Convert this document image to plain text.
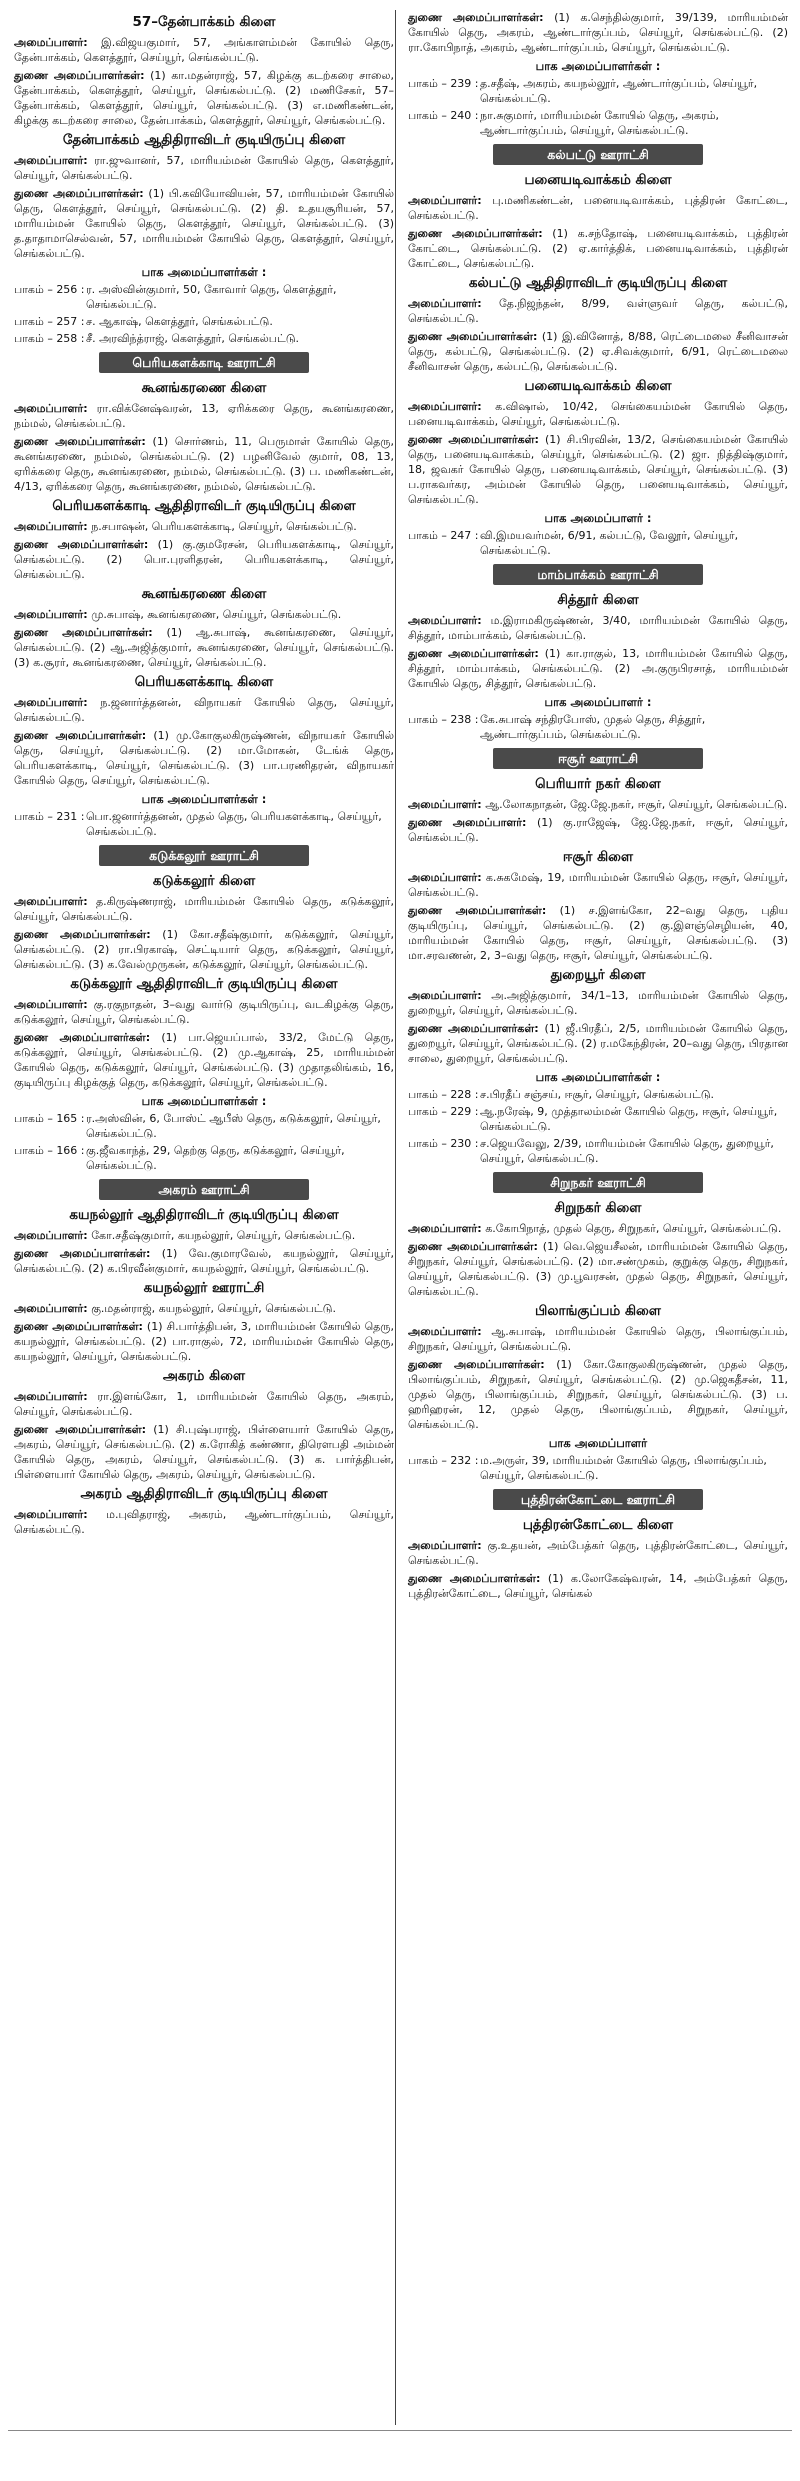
57–தேன்பாக்கம் கிளை
அமைப்பாளர்: இ.விஜயகுமார், 57, அங்காளம்மன் கோயில் தெரு, தேன்பாக்கம், கௌத்தூர், செய்யூர், செங்கல்பட்டு.
துணை அமைப்பாளர்கள்: (1) கா.மதன்ராஜ், 57, கிழக்கு கடற்கரை சாலை, தேன்பாக்கம், கௌத்தூர், செய்யூர், செங்கல்பட்டு. (2) மணிசேகர், 57–தேன்பாக்கம், கௌத்தூர், செய்யூர், செங்கல்பட்டு. (3) எ.மணிகண்டன், கிழக்கு கடற்கரை சாலை, தேன்பாக்கம், கௌத்தூர், செய்யூர், செங்கல்பட்டு.
தேன்பாக்கம் ஆதிதிராவிடர் குடியிருப்பு கிளை
அமைப்பாளர்: ரா.ஜுவானர், 57, மாரியம்மன் கோயில் தெரு, கௌத்தூர், செய்யூர், செங்கல்பட்டு.
துணை அமைப்பாளர்கள்: (1) பி.கவியோவியன், 57, மாரியம்மன் கோயில் தெரு, கௌத்தூர், செய்யூர், செங்கல்பட்டு. (2) தி. உதயசூரியன், 57, மாரியம்மன் கோயில் தெரு, கௌத்தூர், செய்யூர், செங்கல்பட்டு. (3) த.தாதாமாசெல்வன், 57, மாரியம்மன் கோயில் தெரு, கௌத்தூர், செய்யூர், செங்கல்பட்டு.
பாக அமைப்பாளர்கள் :
பாகம் – 256 : ர. அஸ்வின்குமார், 50, கோவார் தெரு, கௌத்தூர், செங்கல்பட்டு.
பாகம் – 257 : ச. ஆகாஷ், கௌத்தூர், செங்கல்பட்டு.
பாகம் – 258 : சீ. அரவிந்த்ராஜ், கௌத்தூர், செங்கல்பட்டு.
பெரியகளக்காடி ஊராட்சி
கூனங்கரணை கிளை
அமைப்பாளர்: ரா.விக்னேஷ்வரன், 13, ஏரிக்கரை தெரு, கூனங்கரணை, நம்மல், செங்கல்பட்டு.
துணை அமைப்பாளர்கள்: (1) சொர்ணம், 11, பெருமாள் கோயில் தெரு, கூனங்கரணை, நம்மல், செங்கல்பட்டு. (2) பழனிவேல் குமார், 08, 13, ஏரிக்கரை தெரு, கூனங்கரணை, நம்மல், செங்கல்பட்டு. (3) ப. மணிகண்டன், 4/13, ஏரிக்கரை தெரு, கூனங்கரணை, நம்மல், செங்கல்பட்டு.
பெரியகளக்காடி ஆதிதிராவிடர் குடியிருப்பு கிளை
அமைப்பாளர்: ந.சபாஷன், பெரியகளக்காடி, செய்யூர், செங்கல்பட்டு.
துணை அமைப்பாளர்கள்: (1) கு.குமரேசன், பெரியகளக்காடி, செய்யூர், செங்கல்பட்டு. (2) பொ.புரளிதரன், பெரியகளக்காடி, செய்யூர், செங்கல்பட்டு.
கூனங்கரணை கிளை
அமைப்பாளர்: மு.சுபாஷ், கூனங்கரணை, செய்யூர், செங்கல்பட்டு.
துணை அமைப்பாளர்கள்: (1) ஆ.சுபாஷ், கூனங்கரணை, செய்யூர், செங்கல்பட்டு. (2) ஆ.அஜித்குமார், கூனங்கரணை, செய்யூர், செங்கல்பட்டு. (3) க.சூரர், கூனங்கரணை, செய்யூர், செங்கல்பட்டு.
பெரியகளக்காடி கிளை
அமைப்பாளர்: ந.ஜனார்த்தனன், விநாயகர் கோயில் தெரு, செய்யூர், செங்கல்பட்டு.
துணை அமைப்பாளர்கள்: (1) மு.கோகுலகிருஷ்ணன், விநாயகர் கோயில் தெரு, செய்யூர், செங்கல்பட்டு. (2) மா.மோகன், டேங்க் தெரு, பெரியகளக்காடி, செய்யூர், செங்கல்பட்டு. (3) பா.பரணிதரன், விநாயகர் கோயில் தெரு, செய்யூர், செங்கல்பட்டு.
பாக அமைப்பாளர்கள் :
பாகம் – 231 : பொ.ஜனார்த்தனன், முதல் தெரு, பெரியகளக்காடி, செய்யூர், செங்கல்பட்டு.
கடுக்கலூர் ஊராட்சி
கடுக்கலூர் கிளை
அமைப்பாளர்: த.கிருஷ்ணராஜ், மாரியம்மன் கோயில் தெரு, கடுக்கலூர், செய்யூர், செங்கல்பட்டு.
துணை அமைப்பாளர்கள்: (1) கோ.சதீஷ்குமார், கடுக்கலூர், செய்யூர், செங்கல்பட்டு. (2) ரா.பிரகாஷ், செட்டியார் தெரு, கடுக்கலூர், செய்யூர், செங்கல்பட்டு. (3) க.வேல்முருகன், கடுக்கலூர், செய்யூர், செங்கல்பட்டு.
கடுக்கலூர் ஆதிதிராவிடர் குடியிருப்பு கிளை
அமைப்பாளர்: கு.ரகுநாதன், 3–வது வார்டு குடியிருப்பு, வடகிழக்கு தெரு, கடுக்கலூர், செய்யூர், செங்கல்பட்டு.
துணை அமைப்பாளர்கள்: (1) பா.ஜெயப்பால், 33/2, மேட்டு தெரு, கடுக்கலூர், செய்யூர், செங்கல்பட்டு. (2) மு.ஆகாஷ், 25, மாரியம்மன் கோயில் தெரு, கடுக்கலூர், செய்யூர், செங்கல்பட்டு. (3) முதாதலிங்கம், 16, குடியிருப்பு கிழக்குத் தெரு, கடுக்கலூர், செய்யூர், செங்கல்பட்டு.
பாக அமைப்பாளர்கள் :
பாகம் – 165 : ர.அஸ்வின், 6, போஸ்ட் ஆபீஸ் தெரு, கடுக்கலூர், செய்யூர், செங்கல்பட்டு.
பாகம் – 166 : கு.ஜீவகாந்த், 29, தெற்கு தெரு, கடுக்கலூர், செய்யூர், செங்கல்பட்டு.
அகரம் ஊராட்சி
கயநல்லூர் ஆதிதிராவிடர் குடியிருப்பு கிளை
அமைப்பாளர்: கோ.சதீஷ்குமார், கயநல்லூர், செய்யூர், செங்கல்பட்டு.
துணை அமைப்பாளர்கள்: (1) வே.குமாரவேல், கயநல்லூர், செய்யூர், செங்கல்பட்டு. (2) க.பிரவீன்குமார், கயநல்லூர், செய்யூர், செங்கல்பட்டு.
கயநல்லூர் ஊராட்சி
அமைப்பாளர்: கு.மதன்ராஜ், கயநல்லூர், செய்யூர், செங்கல்பட்டு.
துணை அமைப்பாளர்கள்: (1) சி.பார்த்திபன், 3, மாரியம்மன் கோயில் தெரு, கயநல்லூர், செங்கல்பட்டு. (2) பா.ராகுல், 72, மாரியம்மன் கோயில் தெரு, கயநல்லூர், செய்யூர், செங்கல்பட்டு.
அகரம் கிளை
அமைப்பாளர்: ரா.இளங்கோ, 1, மாரியம்மன் கோயில் தெரு, அகரம், செய்யூர், செங்கல்பட்டு.
துணை அமைப்பாளர்கள்: (1) சி.புஷ்பராஜ், பிள்ளையார் கோயில் தெரு, அகரம், செய்யூர், செங்கல்பட்டு. (2) க.ரோகித் கண்ணா, திரௌபதி அம்மன் கோயில் தெரு, அகரம், செய்யூர், செங்கல்பட்டு. (3) க. பார்த்திபன், பிள்ளையார் கோயில் தெரு, அகரம், செய்யூர், செங்கல்பட்டு.
அகரம் ஆதிதிராவிடர் குடியிருப்பு கிளை
அமைப்பாளர்: ம.புவிதராஜ், அகரம், ஆண்டார்குப்பம், செய்யூர், செங்கல்பட்டு.
துணை அமைப்பாளர்கள்: (1) க.செந்தில்குமார், 39/139, மாரியம்மன் கோயில் தெரு, அகரம், ஆண்டார்குப்பம், செய்யூர், செங்கல்பட்டு. (2) ரா.கோபிநாத், அகரம், ஆண்டார்குப்பம், செய்யூர், செங்கல்பட்டு.
பாக அமைப்பாளர்கள் :
பாகம் – 239 : த.சதீஷ், அகரம், கயநல்லூர், ஆண்டார்குப்பம், செய்யூர், செங்கல்பட்டு.
பாகம் – 240 : நா.சுகுமார், மாரியம்மன் கோயில் தெரு, அகரம், ஆண்டார்குப்பம், செய்யூர், செங்கல்பட்டு.
கல்பட்டு ஊராட்சி
பனையடிவாக்கம் கிளை
அமைப்பாளர்: பு.மணிகண்டன், பனையடிவாக்கம், புத்திரன் கோட்டை, செங்கல்பட்டு.
துணை அமைப்பாளர்கள்: (1) க.சந்தோஷ், பனையடிவாக்கம், புத்திரன் கோட்டை, செங்கல்பட்டு. (2) ஏ.கார்த்திக், பனையடிவாக்கம், புத்திரன் கோட்டை, செங்கல்பட்டு.
கல்பட்டு ஆதிதிராவிடர் குடியிருப்பு கிளை
அமைப்பாளர்: தே.நிஜந்தன், 8/99, வள்ளுவர் தெரு, கல்பட்டு, செங்கல்பட்டு.
துணை அமைப்பாளர்கள்: (1) இ.வினோத், 8/88, ரெட்டைமலை சீனிவாசன் தெரு, கல்பட்டு, செங்கல்பட்டு. (2) ஏ.சிவக்குமார், 6/91, ரெட்டைமலை சீனிவாசன் தெரு, கல்பட்டு, செங்கல்பட்டு.
பனையடிவாக்கம் கிளை
அமைப்பாளர்: க.விஷால், 10/42, செங்கையம்மன் கோயில் தெரு, பனையடிவாக்கம், செய்யூர், செங்கல்பட்டு.
துணை அமைப்பாளர்கள்: (1) சி.பிரவின், 13/2, செங்கையம்மன் கோயில் தெரு, பனையடிவாக்கம், செய்யூர், செங்கல்பட்டு. (2) ஜா. நித்திஷ்குமார், 18, ஜவகர் கோயில் தெரு, பனையடிவாக்கம், செய்யூர், செங்கல்பட்டு. (3) ப.ராகவர்கர, அம்மன் கோயில் தெரு, பனையடிவாக்கம், செய்யூர், செங்கல்பட்டு.
பாக அமைப்பாளர் :
பாகம் – 247 : வி.இமயவர்மன், 6/91, கல்பட்டு, வேலூர், செய்யூர், செங்கல்பட்டு.
மாம்பாக்கம் ஊராட்சி
சித்தூர் கிளை
அமைப்பாளர்: ம.இராமகிருஷ்ணன், 3/40, மாரியம்மன் கோயில் தெரு, சித்தூர், மாம்பாக்கம், செங்கல்பட்டு.
துணை அமைப்பாளர்கள்: (1) கா.ராகுல், 13, மாரியம்மன் கோயில் தெரு, சித்தூர், மாம்பாக்கம், செங்கல்பட்டு. (2) அ.குருபிரசாத், மாரியம்மன் கோயில் தெரு, சித்தூர், செங்கல்பட்டு.
பாக அமைப்பாளர் :
பாகம் – 238 : கே.சுபாஷ் சந்திரபோஸ், முதல் தெரு, சித்தூர், ஆண்டார்குப்பம், செங்கல்பட்டு.
ஈசூர் ஊராட்சி
பெரியார் நகர் கிளை
அமைப்பாளர்: ஆ.லோகநாதன், ஜே.ஜே.நகர், ஈசூர், செய்யூர், செங்கல்பட்டு.
துணை அமைப்பாளர்: (1) கு.ராஜேஷ், ஜே.ஜே.நகர், ஈசூர், செய்யூர், செங்கல்பட்டு.
ஈசூர் கிளை
அமைப்பாளர்: க.சுகமேஷ், 19, மாரியம்மன் கோயில் தெரு, ஈசூர், செய்யூர், செங்கல்பட்டு.
துணை அமைப்பாளர்கள்: (1) ச.இளங்கோ, 22–வது தெரு, புதிய குடியிருப்பு, செய்யூர், செங்கல்பட்டு. (2) கு.இளஞ்செழியன், 40, மாரியம்மன் கோயில் தெரு, ஈசூர், செய்யூர், செங்கல்பட்டு. (3) மா.சரவணன், 2, 3–வது தெரு, ஈசூர், செய்யூர், செங்கல்பட்டு.
துறையூர் கிளை
அமைப்பாளர்: அ.அஜித்குமார், 34/1–13, மாரியம்மன் கோயில் தெரு, துறையூர், செய்யூர், செங்கல்பட்டு.
துணை அமைப்பாளர்கள்: (1) ஜீ.பிரதீப், 2/5, மாரியம்மன் கோயில் தெரு, துறையூர், செய்யூர், செங்கல்பட்டு. (2) ர.மகேந்திரன், 20–வது தெரு, பிரதான சாலை, துறையூர், செங்கல்பட்டு.
பாக அமைப்பாளர்கள் :
பாகம் – 228 : ச.பிரதீப் சஞ்சய், ஈசூர், செய்யூர், செங்கல்பட்டு.
பாகம் – 229 : ஆ.நரேஷ், 9, முத்தாலம்மன் கோயில் தெரு, ஈசூர், செய்யூர், செங்கல்பட்டு.
பாகம் – 230 : ச.ஜெயவேலு, 2/39, மாரியம்மன் கோயில் தெரு, துறையூர், செய்யூர், செங்கல்பட்டு.
சிறுநகர் ஊராட்சி
சிறுநகர் கிளை
அமைப்பாளர்: க.கோபிநாத், முதல் தெரு, சிறுநகர், செய்யூர், செங்கல்பட்டு.
துணை அமைப்பாளர்கள்: (1) வெ.ஜெயசீலன், மாரியம்மன் கோயில் தெரு, சிறுநகர், செய்யூர், செங்கல்பட்டு. (2) மா.சண்முகம், குறுக்கு தெரு, சிறுநகர், செய்யூர், செங்கல்பட்டு. (3) மு.பூவரசன், முதல் தெரு, சிறுநகர், செய்யூர், செங்கல்பட்டு.
பிலாங்குப்பம் கிளை
அமைப்பாளர்: ஆ.சுபாஷ், மாரியம்மன் கோயில் தெரு, பிலாங்குப்பம், சிறுநகர், செய்யூர், செங்கல்பட்டு.
துணை அமைப்பாளர்கள்: (1) கோ.கோகுலகிருஷ்ணன், முதல் தெரு, பிலாங்குப்பம், சிறுநகர், செய்யூர், செங்கல்பட்டு. (2) மு.ஜெகதீசன், 11, முதல் தெரு, பிலாங்குப்பம், சிறுநகர், செய்யூர், செங்கல்பட்டு. (3) ப. ஹரிஹரன், 12, முதல் தெரு, பிலாங்குப்பம், சிறுநகர், செய்யூர், செங்கல்பட்டு.
பாக அமைப்பாளர்
பாகம் – 232 : ம.அருள், 39, மாரியம்மன் கோயில் தெரு, பிலாங்குப்பம், செய்யூர், செங்கல்பட்டு.
புத்திரன்கோட்டை ஊராட்சி
புத்திரன்கோட்டை கிளை
அமைப்பாளர்: கு.உதயன், அம்பேத்கர் தெரு, புத்திரன்கோட்டை, செய்யூர், செங்கல்பட்டு.
துணை அமைப்பாளர்கள்: (1) க.லோகேஷ்வரன், 14, அம்பேத்கர் தெரு, புத்திரன்கோட்டை, செய்யூர், செங்கல்
